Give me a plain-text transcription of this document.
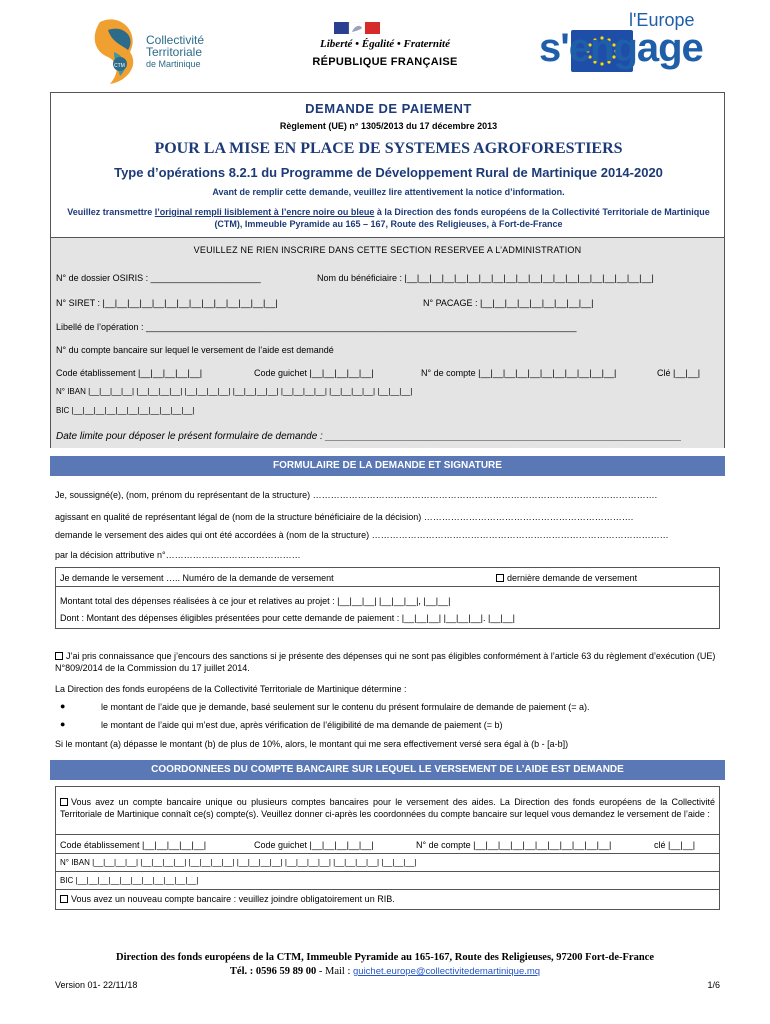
CTM
Collectivité
Territoriale
de Martinique
Liberté • Égalité • Fraternité
RÉPUBLIQUE FRANÇAISE
l'Europe
s'engage
DEMANDE DE PAIEMENT
Règlement (UE) n° 1305/2013 du 17 décembre 2013
POUR LA MISE EN PLACE DE SYSTEMES AGROFORESTIERS
Type d’opérations 8.2.1 du Programme de Développement Rural de Martinique 2014-2020
Avant de remplir cette demande, veuillez lire attentivement la notice d’information.
Veuillez transmettre l’original rempli lisiblement à l’encre noire ou bleue à la Direction des fonds européens de la Collectivité Territoriale de Martinique (CTM), Immeuble Pyramide au 165 – 167, Route des Religieuses, à Fort-de-France
VEUILLEZ NE RIEN INSCRIRE DANS CETTE SECTION RESERVEE A L’ADMINISTRATION
N° de dossier OSIRIS : ______________________	Nom du bénéficiaire : |__|__|__|__|__|__|__|__|__|__|__|__|__|__|__|__|__|__|__|__|
N° SIRET : |__|__|__|__|__|__|__|__|__|__|__|__|__|__|	N° PACAGE : |__|__|__|__|__|__|__|__|__|
Libellé de l’opération : ______________________________________________________________________________________
N° du compte bancaire sur lequel le versement de l’aide est demandé
Code établissement |__|__|__|__|__|	Code guichet |__|__|__|__|__|	N° de compte |__|__|__|__|__|__|__|__|__|__|__|	Clé |__|__|
N° IBAN |__|__|__|__| |__|__|__|__| |__|__|__|__| |__|__|__|__| |__|__|__|__| |__|__|__|__| |__|__|__|
BIC |__|__|__|__|__|__|__|__|__|__|__|
Date limite pour déposer le présent formulaire de demande : ________________________________________________________________
FORMULAIRE DE LA DEMANDE ET SIGNATURE
Je, soussigné(e), (nom, prénom du représentant de la structure) …………………………………………………………………………………………………….
agissant en qualité de représentant légal de (nom de la structure bénéficiaire de la décision) …………………………………………………………….
demande le versement des aides qui ont été accordées à (nom de la structure) ………………………………………………………………………………………
par la décision attributive n°………………………………………
Je demande le versement ….. Numéro de la demande de versement	dernière demande de versement
Montant total des dépenses réalisées à ce jour et relatives au projet : |__|__|__| |__|__|__|, |__|__|
Dont : Montant des dépenses éligibles présentées pour cette demande de paiement : |__|__|__| |__|__|__|. |__|__|
J’ai pris connaissance que j’encours des sanctions si je présente des dépenses qui ne sont pas éligibles conformément à l’article 63 du règlement d’exécution (UE) N°809/2014 de la Commission du 17 juillet 2014.
La Direction des fonds européens de la Collectivité Territoriale de Martinique détermine :
●	le montant de l’aide que je demande, basé seulement sur le contenu du présent formulaire de demande de paiement (= a).
●	le montant de l’aide qui m’est due, après vérification de l’éligibilité de ma demande de paiement (= b)
Si le montant (a) dépasse le montant (b) de plus de 10%, alors, le montant qui me sera effectivement versé sera égal à (b - [a-b])
COORDONNEES DU COMPTE BANCAIRE SUR LEQUEL LE VERSEMENT DE L’AIDE EST DEMANDE
Vous avez un compte bancaire unique ou plusieurs comptes bancaires pour le versement des aides. La Direction des fonds européens de la Collectivité Territoriale de Martinique connaît ce(s) compte(s). Veuillez donner ci-après les coordonnées du compte bancaire sur lequel vous demandez le versement de l’aide :
Code établissement |__|__|__|__|__|	Code guichet |__|__|__|__|__|	N° de compte |__|__|__|__|__|__|__|__|__|__|__|	clé |__|__|
N° IBAN |__|__|__|__| |__|__|__|__| |__|__|__|__| |__|__|__|__| |__|__|__|__| |__|__|__|__| |__|__|__|
BIC |__|__|__|__|__|__|__|__|__|__|__|
Vous avez un nouveau compte bancaire : veuillez joindre obligatoirement un RIB.
Direction des fonds européens de la CTM, Immeuble Pyramide au 165-167, Route des Religieuses, 97200 Fort-de-France
Tél. : 0596 59 89 00 - Mail : guichet.europe@collectivitedemartinique.mq
Version 01- 22/11/18	1/6
